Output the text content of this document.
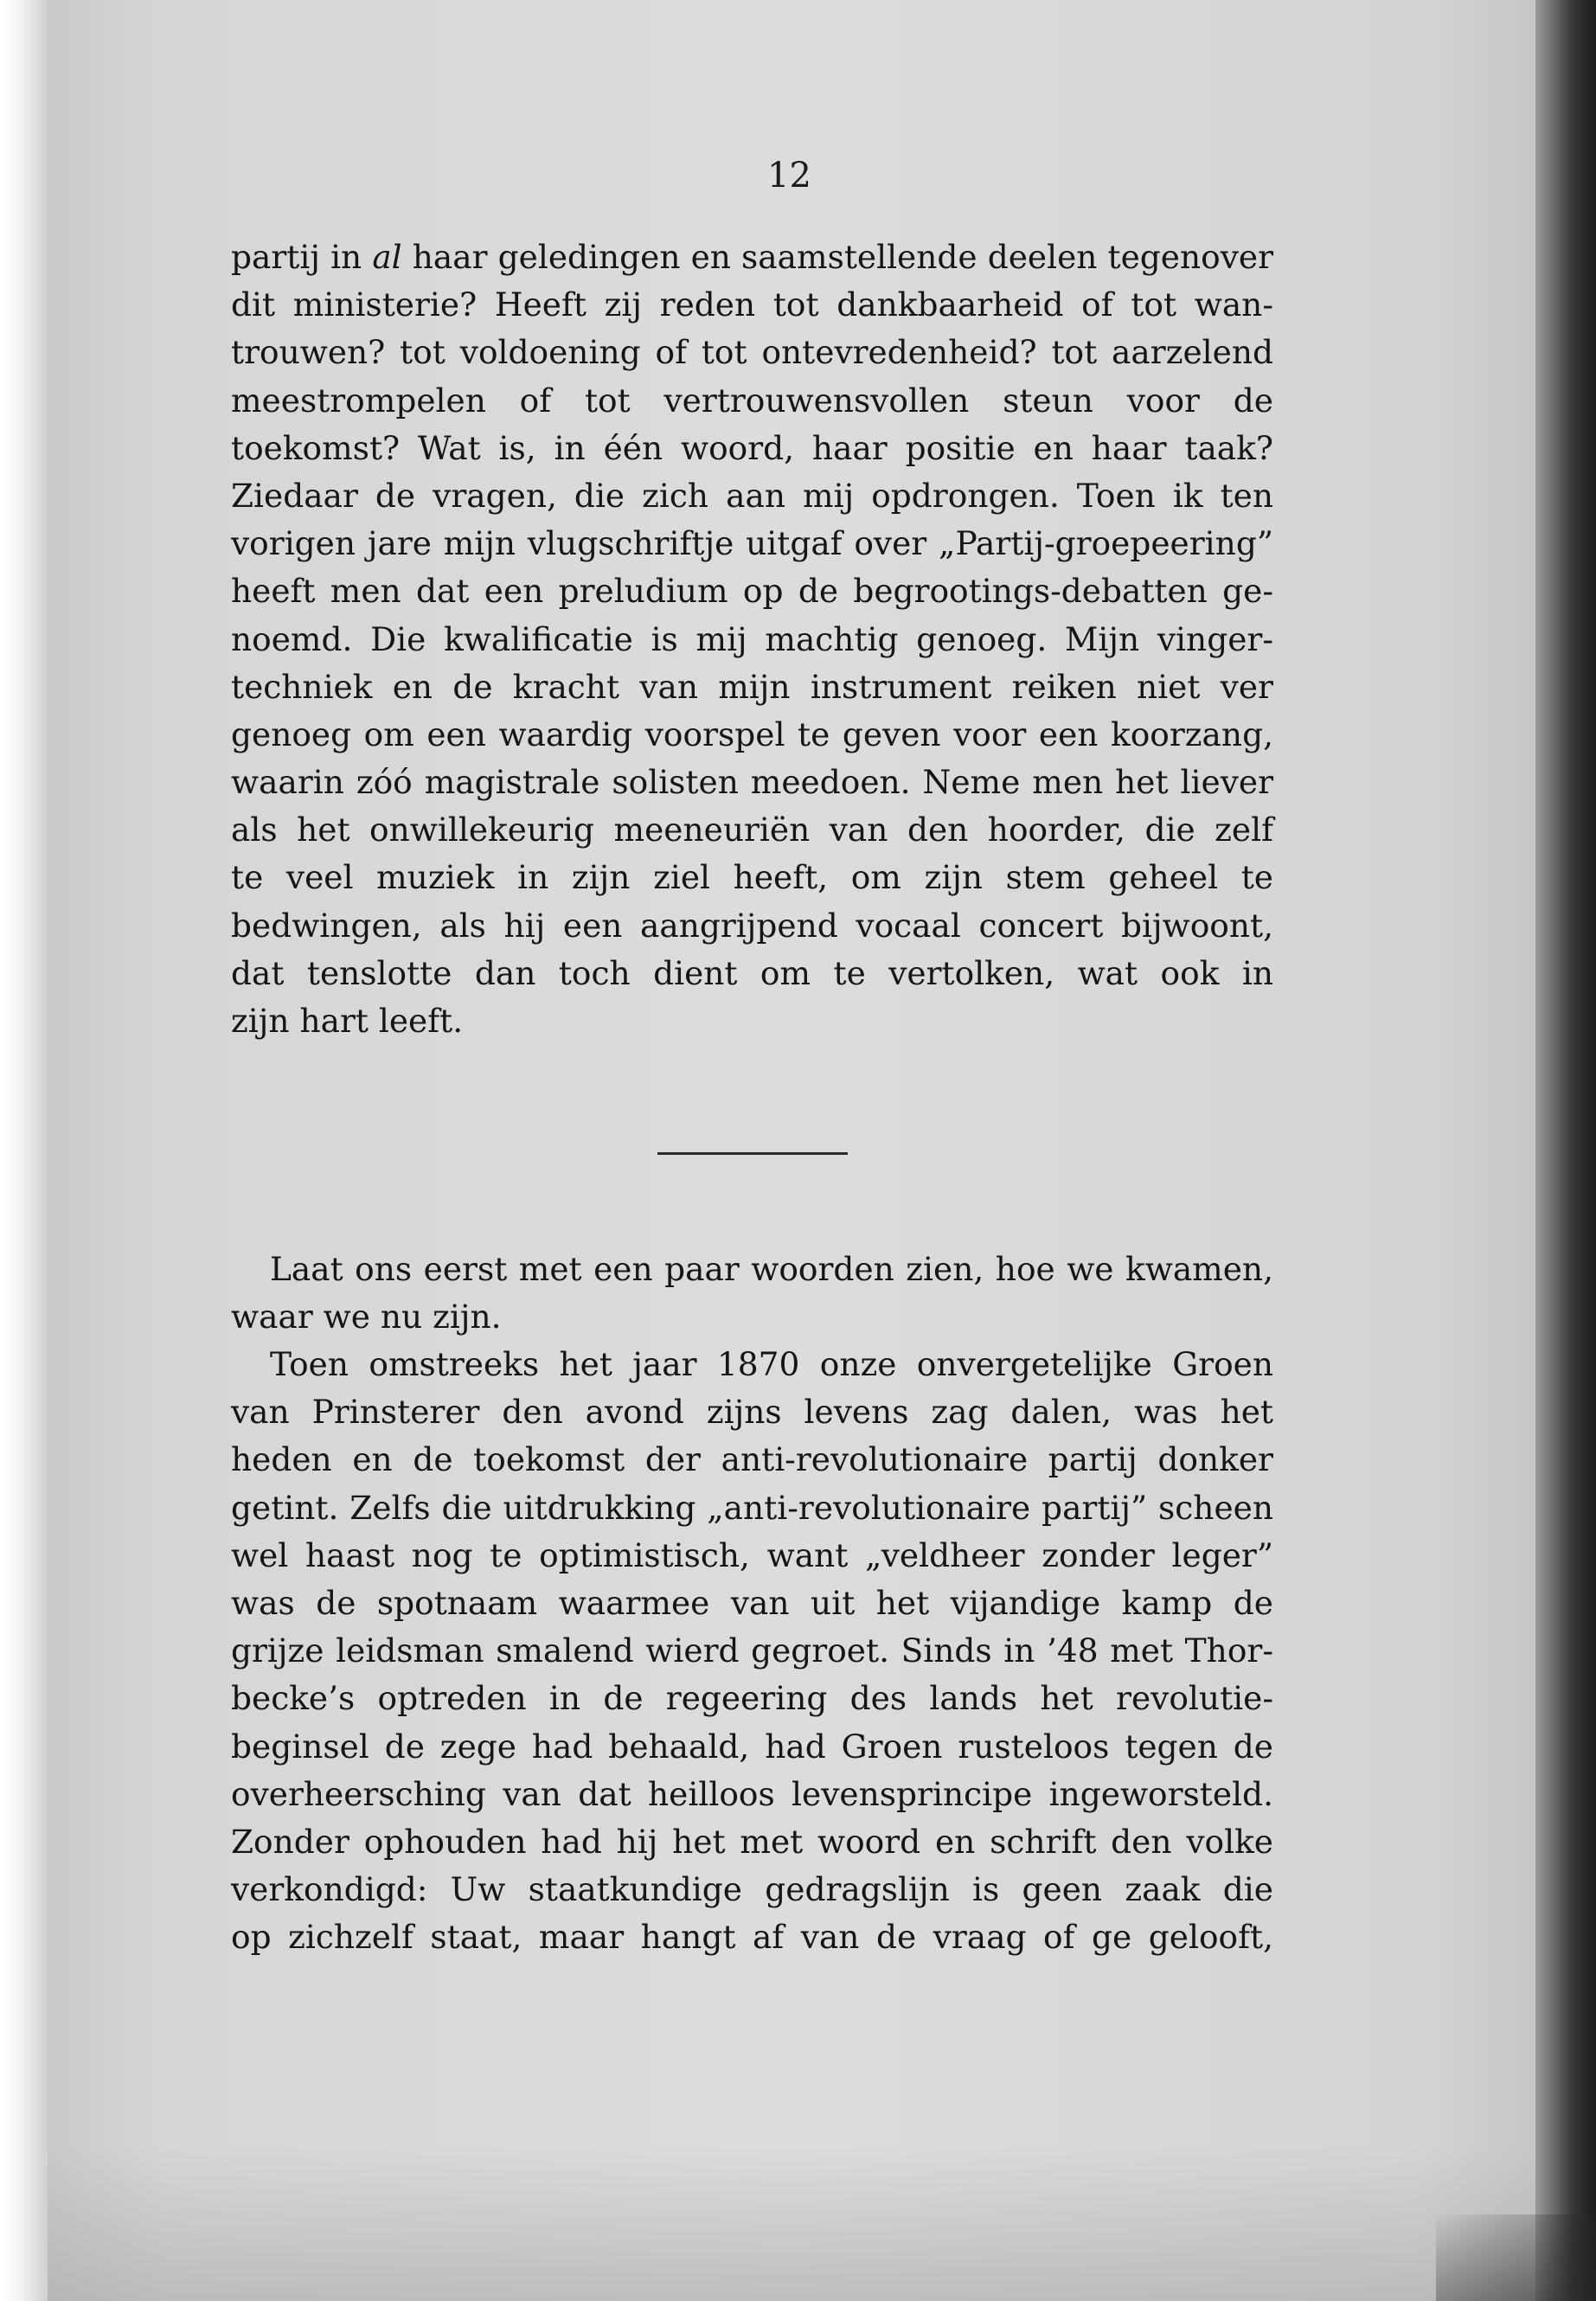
12
partij in al haar geledingen en saamstellende deelen tegenover
dit ministerie? Heeft zij reden tot dankbaarheid of tot wan-
trouwen? tot voldoening of tot ontevredenheid? tot aarzelend
meestrompelen of tot vertrouwensvollen steun voor de
toekomst? Wat is, in één woord, haar positie en haar taak?
Ziedaar de vragen, die zich aan mij opdrongen. Toen ik ten
vorigen jare mijn vlugschriftje uitgaf over „Partij-groepeering”
heeft men dat een preludium op de begrootings-debatten ge-
noemd. Die kwalificatie is mij machtig genoeg. Mijn vinger-
techniek en de kracht van mijn instrument reiken niet ver
genoeg om een waardig voorspel te geven voor een koorzang,
waarin zóó magistrale solisten meedoen. Neme men het liever
als het onwillekeurig meeneuriën van den hoorder, die zelf
te veel muziek in zijn ziel heeft, om zijn stem geheel te
bedwingen, als hij een aangrijpend vocaal concert bijwoont,
dat tenslotte dan toch dient om te vertolken, wat ook in
zijn hart leeft.
Laat ons eerst met een paar woorden zien, hoe we kwamen,
waar we nu zijn.
Toen omstreeks het jaar 1870 onze onvergetelijke Groen
van Prinsterer den avond zijns levens zag dalen, was het
heden en de toekomst der anti-revolutionaire partij donker
getint. Zelfs die uitdrukking „anti-revolutionaire partij” scheen
wel haast nog te optimistisch, want „veldheer zonder leger”
was de spotnaam waarmee van uit het vijandige kamp de
grijze leidsman smalend wierd gegroet. Sinds in ’48 met Thor-
becke’s optreden in de regeering des lands het revolutie-
beginsel de zege had behaald, had Groen rusteloos tegen de
overheersching van dat heilloos levensprincipe ingeworsteld.
Zonder ophouden had hij het met woord en schrift den volke
verkondigd: Uw staatkundige gedragslijn is geen zaak die
op zichzelf staat, maar hangt af van de vraag of ge gelooft,
